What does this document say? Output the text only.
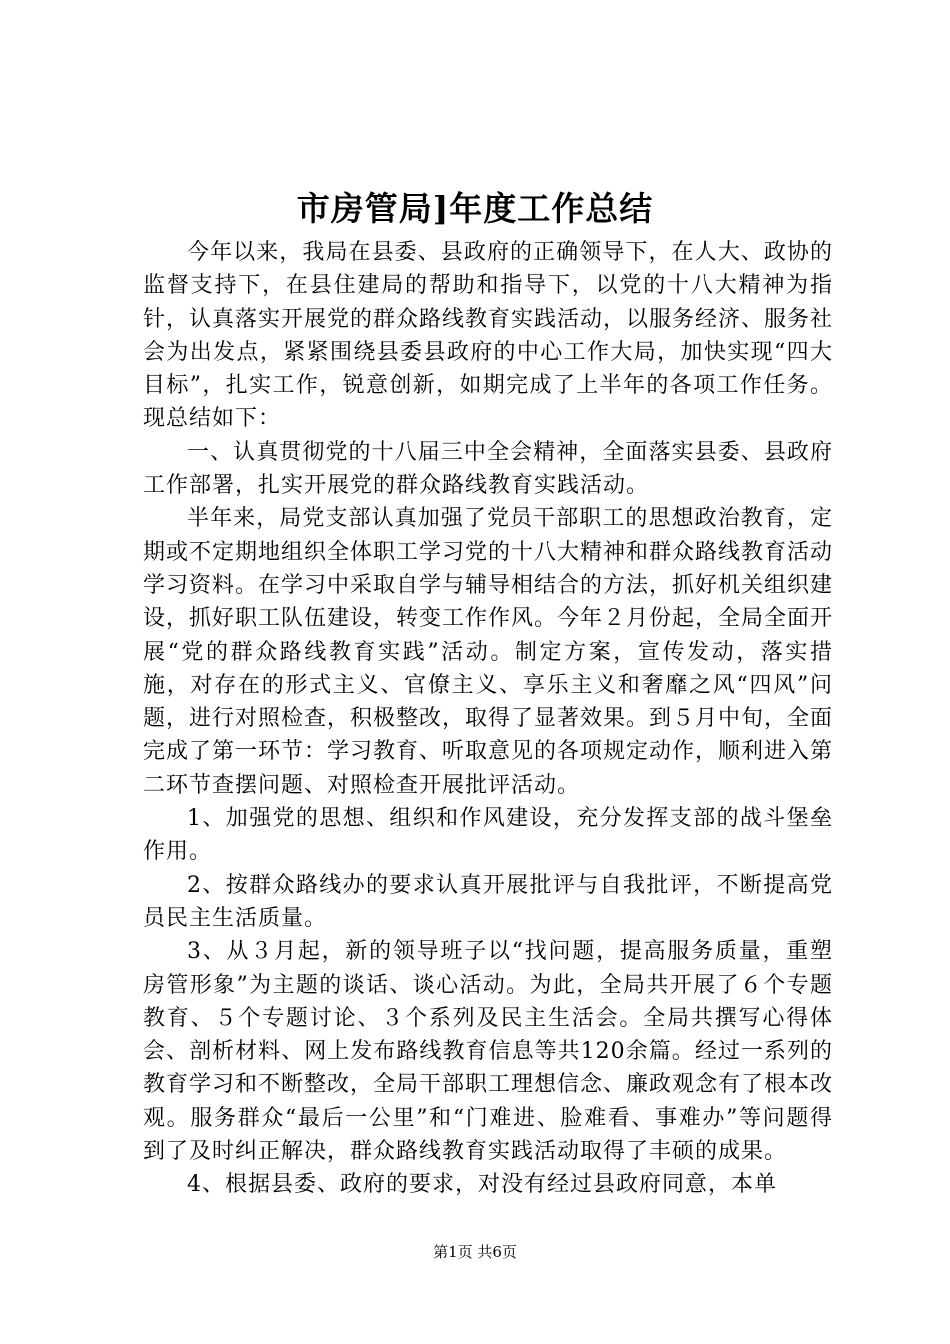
市房管局]年度工作总结

今年以来，我局在县委、县政府的正确领导下，在人大、政协的监督支持下，在县住建局的帮助和指导下，以党的十八大精神为指针，认真落实开展党的群众路线教育实践活动，以服务经济、服务社会为出发点，紧紧围绕县委县政府的中心工作大局，加快实现“四大目标”，扎实工作，锐意创新，如期完成了上半年的各项工作任务。现总结如下：

一、认真贯彻党的十八届三中全会精神，全面落实县委、县政府工作部署，扎实开展党的群众路线教育实践活动。

半年来，局党支部认真加强了党员干部职工的思想政治教育，定期或不定期地组织全体职工学习党的十八大精神和群众路线教育活动学习资料。在学习中采取自学与辅导相结合的方法，抓好机关组织建设，抓好职工队伍建设，转变工作作风。今年２月份起，全局全面开展“党的群众路线教育实践”活动。制定方案，宣传发动，落实措施，对存在的形式主义、官僚主义、享乐主义和奢靡之风“四风”问题，进行对照检查，积极整改，取得了显著效果。到５月中旬，全面完成了第一环节：学习教育、听取意见的各项规定动作，顺利进入第二环节查摆问题、对照检查开展批评活动。

1、加强党的思想、组织和作风建设，充分发挥支部的战斗堡垒作用。

2、按群众路线办的要求认真开展批评与自我批评，不断提高党员民主生活质量。

3、从３月起，新的领导班子以“找问题，提高服务质量，重塑房管形象”为主题的谈话、谈心活动。为此，全局共开展了６个专题教育、５个专题讨论、３个系列及民主生活会。全局共撰写心得体会、剖析材料、网上发布路线教育信息等共120余篇。经过一系列的教育学习和不断整改，全局干部职工理想信念、廉政观念有了根本改观。服务群众“最后一公里”和“门难进、脸难看、事难办”等问题得到了及时纠正解决，群众路线教育实践活动取得了丰硕的成果。

4、根据县委、政府的要求，对没有经过县政府同意，本单

第1页 共6页
